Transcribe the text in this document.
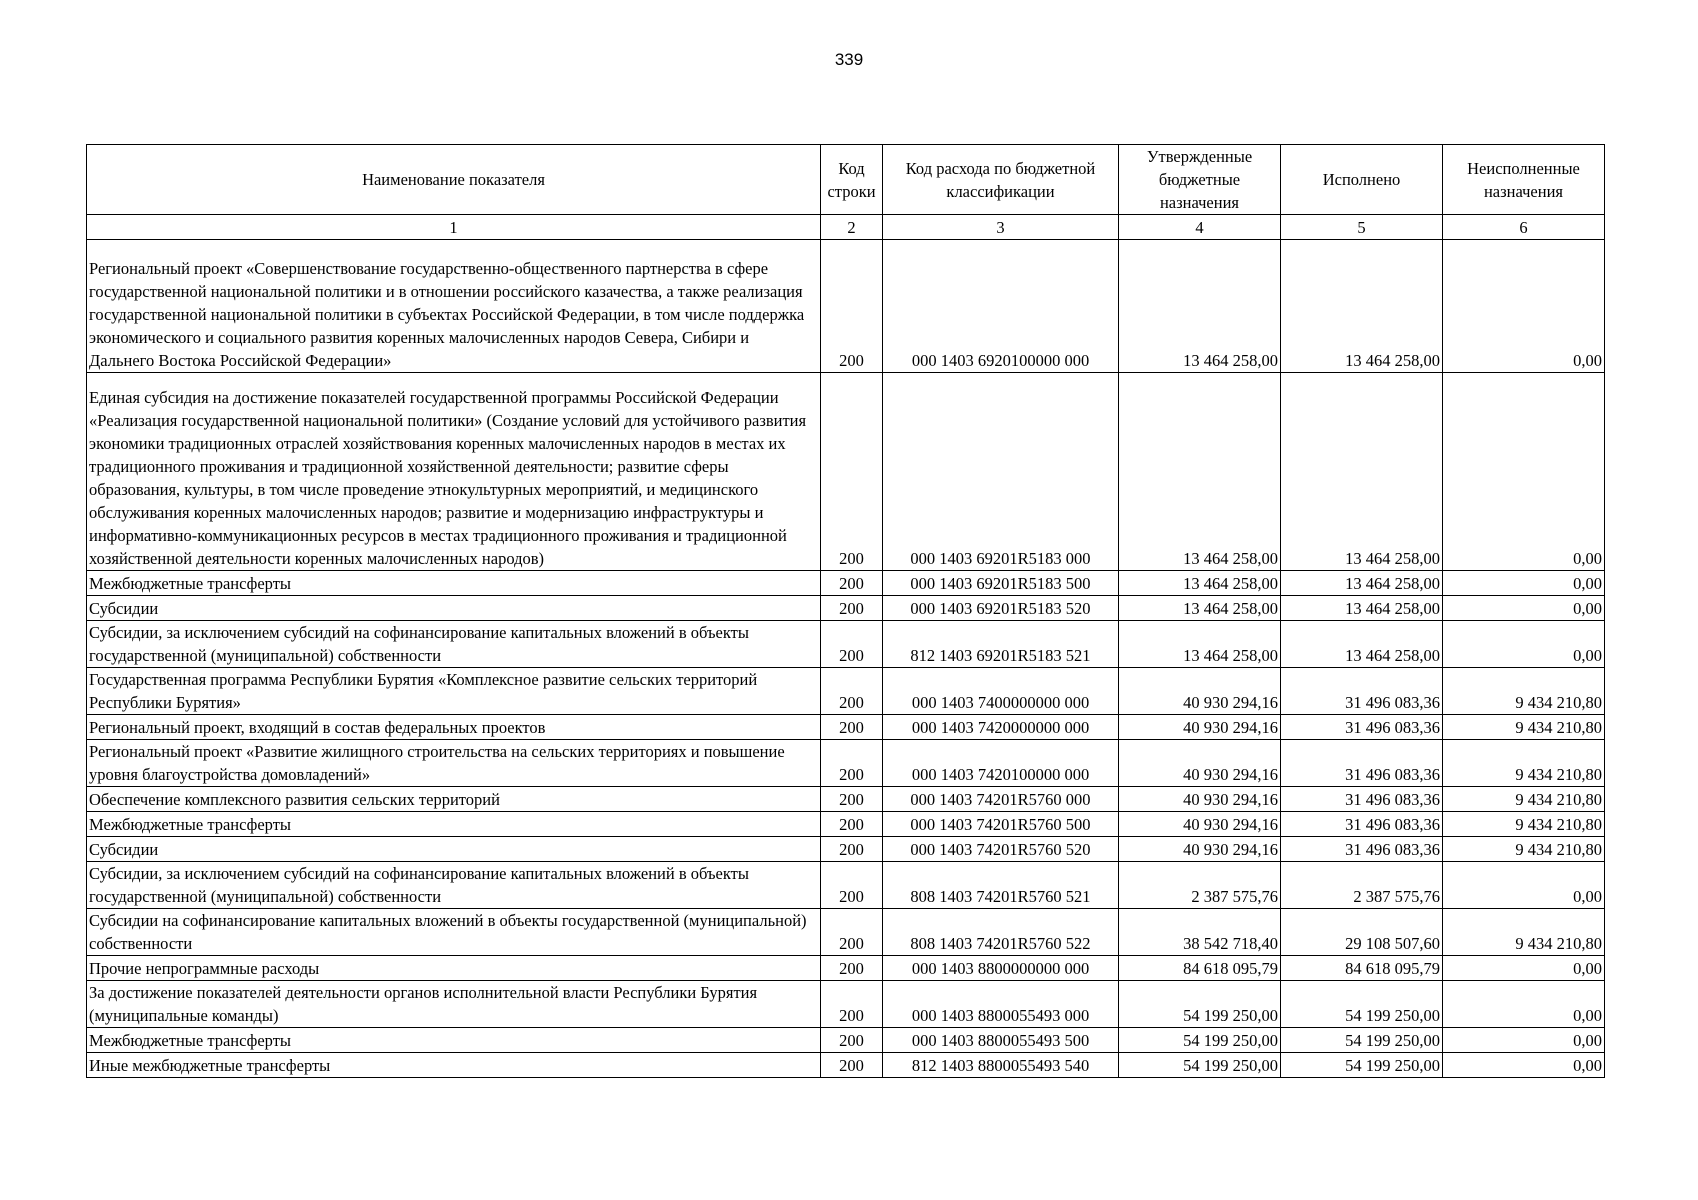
339
Наименование показателя	Код строки	Код расхода по бюджетной классификации	Утвержденные бюджетные назначения	Исполнено	Неисполненные назначения
1	2	3	4	5	6
Региональный проект «Совершенствование государственно-общественного партнерства в сфере государственной национальной политики и в отношении российского казачества, а также реализация государственной национальной политики в субъектах Российской Федерации, в том числе поддержка экономического и социального развития коренных малочисленных народов Севера, Сибири и Дальнего Востока Российской Федерации»	200	000 1403 6920100000 000	13 464 258,00	13 464 258,00	0,00
Единая субсидия на достижение показателей государственной программы Российской Федерации «Реализация государственной национальной политики» (Создание условий для устойчивого развития экономики традиционных отраслей хозяйствования коренных малочисленных народов в местах их традиционного проживания и традиционной хозяйственной деятельности; развитие сферы образования, культуры, в том числе проведение этнокультурных мероприятий, и медицинского обслуживания коренных малочисленных народов; развитие и модернизацию инфраструктуры и информативно-коммуникационных ресурсов в местах традиционного проживания и традиционной хозяйственной деятельности коренных малочисленных народов)	200	000 1403 69201R5183 000	13 464 258,00	13 464 258,00	0,00
Межбюджетные трансферты	200	000 1403 69201R5183 500	13 464 258,00	13 464 258,00	0,00
Субсидии	200	000 1403 69201R5183 520	13 464 258,00	13 464 258,00	0,00
Субсидии, за исключением субсидий на софинансирование капитальных вложений в объекты государственной (муниципальной) собственности	200	812 1403 69201R5183 521	13 464 258,00	13 464 258,00	0,00
Государственная программа Республики Бурятия «Комплексное развитие сельских территорий Республики Бурятия»	200	000 1403 7400000000 000	40 930 294,16	31 496 083,36	9 434 210,80
Региональный проект, входящий в состав федеральных проектов	200	000 1403 7420000000 000	40 930 294,16	31 496 083,36	9 434 210,80
Региональный проект «Развитие жилищного строительства на сельских территориях и повышение уровня благоустройства домовладений»	200	000 1403 7420100000 000	40 930 294,16	31 496 083,36	9 434 210,80
Обеспечение комплексного развития сельских территорий	200	000 1403 74201R5760 000	40 930 294,16	31 496 083,36	9 434 210,80
Межбюджетные трансферты	200	000 1403 74201R5760 500	40 930 294,16	31 496 083,36	9 434 210,80
Субсидии	200	000 1403 74201R5760 520	40 930 294,16	31 496 083,36	9 434 210,80
Субсидии, за исключением субсидий на софинансирование капитальных вложений в объекты государственной (муниципальной) собственности	200	808 1403 74201R5760 521	2 387 575,76	2 387 575,76	0,00
Субсидии на софинансирование капитальных вложений в объекты государственной (муниципальной) собственности	200	808 1403 74201R5760 522	38 542 718,40	29 108 507,60	9 434 210,80
Прочие непрограммные расходы	200	000 1403 8800000000 000	84 618 095,79	84 618 095,79	0,00
За достижение показателей деятельности органов исполнительной власти Республики Бурятия (муниципальные команды)	200	000 1403 8800055493 000	54 199 250,00	54 199 250,00	0,00
Межбюджетные трансферты	200	000 1403 8800055493 500	54 199 250,00	54 199 250,00	0,00
Иные межбюджетные трансферты	200	812 1403 8800055493 540	54 199 250,00	54 199 250,00	0,00
